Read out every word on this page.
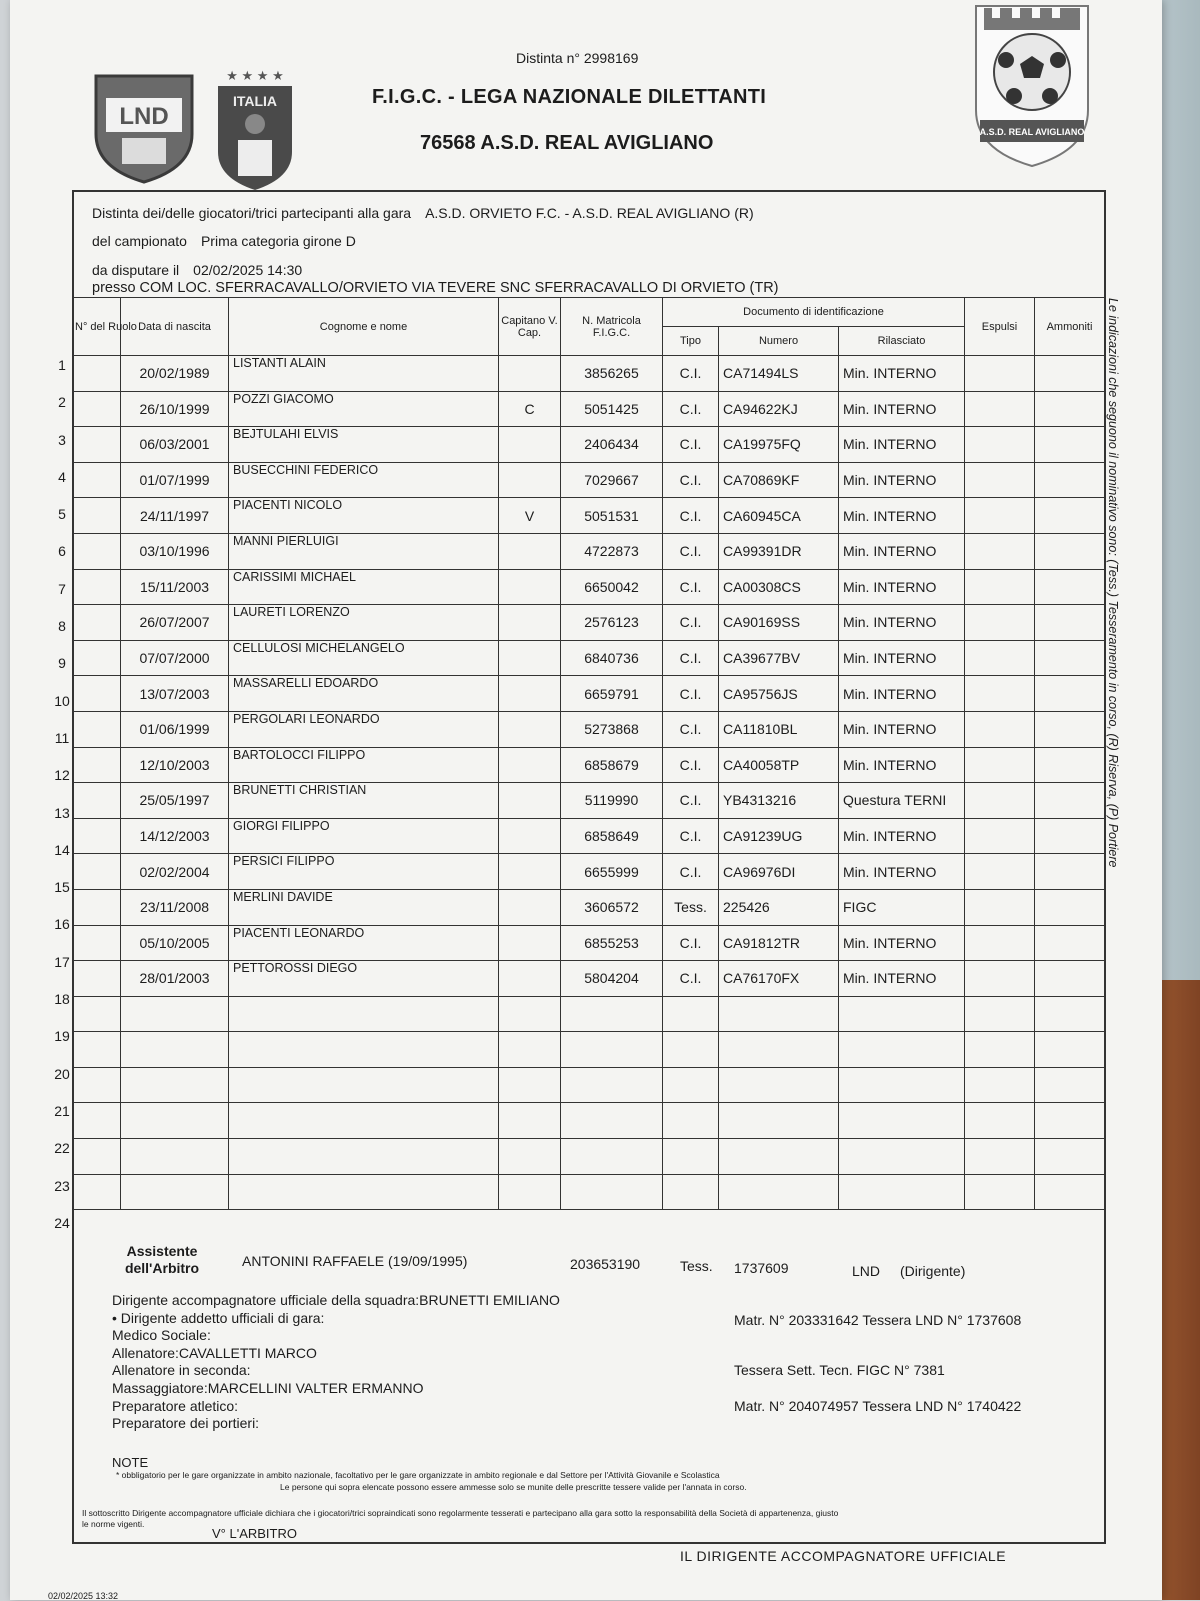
LND
★ ★ ★ ★
ITALIA
A.S.D. REAL AVIGLIANO
Distinta n° 2998169
F.I.G.C. - LEGA NAZIONALE DILETTANTI
76568 A.S.D. REAL AVIGLIANO
Distinta dei/delle giocatori/trici partecipanti alla gara A.S.D. ORVIETO F.C. - A.S.D. REAL AVIGLIANO (R)
del campionato Prima categoria girone D
da disputare il 02/02/2025 14:30
presso COM LOC. SFERRACAVALLO/ORVIETO VIA TEVERE SNC SFERRACAVALLO DI ORVIETO (TR)
1
2
3
4
5
6
7
8
9
10
11
12
13
14
15
16
17
18
19
20
21
22
23
24
N° del Ruolo	Data di nascita	Cognome e nome	Capitano V. Cap.	N. Matricola F.I.G.C.	Documento di identificazione			Espulsi	Ammoniti
					Tipo	Numero	Rilasciato		
	20/02/1989	LISTANTI ALAIN		3856265	C.I.	CA71494LS	Min. INTERNO		
	26/10/1999	POZZI GIACOMO	C	5051425	C.I.	CA94622KJ	Min. INTERNO		
	06/03/2001	BEJTULAHI ELVIS		2406434	C.I.	CA19975FQ	Min. INTERNO		
	01/07/1999	BUSECCHINI FEDERICO		7029667	C.I.	CA70869KF	Min. INTERNO		
	24/11/1997	PIACENTI NICOLO	V	5051531	C.I.	CA60945CA	Min. INTERNO		
	03/10/1996	MANNI PIERLUIGI		4722873	C.I.	CA99391DR	Min. INTERNO		
	15/11/2003	CARISSIMI MICHAEL		6650042	C.I.	CA00308CS	Min. INTERNO		
	26/07/2007	LAURETI LORENZO		2576123	C.I.	CA90169SS	Min. INTERNO		
	07/07/2000	CELLULOSI MICHELANGELO		6840736	C.I.	CA39677BV	Min. INTERNO		
	13/07/2003	MASSARELLI EDOARDO		6659791	C.I.	CA95756JS	Min. INTERNO		
	01/06/1999	PERGOLARI LEONARDO		5273868	C.I.	CA11810BL	Min. INTERNO		
	12/10/2003	BARTOLOCCI FILIPPO		6858679	C.I.	CA40058TP	Min. INTERNO		
	25/05/1997	BRUNETTI CHRISTIAN		5119990	C.I.	YB4313216	Questura TERNI		
	14/12/2003	GIORGI FILIPPO		6858649	C.I.	CA91239UG	Min. INTERNO		
	02/02/2004	PERSICI FILIPPO		6655999	C.I.	CA96976DI	Min. INTERNO		
	23/11/2008	MERLINI DAVIDE		3606572	Tess.	225426	FIGC		
	05/10/2005	PIACENTI LEONARDO		6855253	C.I.	CA91812TR	Min. INTERNO		
	28/01/2003	PETTOROSSI DIEGO		5804204	C.I.	CA76170FX	Min. INTERNO		

Assistente dell'Arbitro	ANTONINI RAFFAELE (19/09/1995)	203653190	Tess. 1737609	LND (Dirigente)
Dirigente accompagnatore ufficiale della squadra:BRUNETTI EMILIANO
• Dirigente addetto ufficiali di gara:
Medico Sociale:
Allenatore:CAVALLETTI MARCO
Allenatore in seconda:
Massaggiatore:MARCELLINI VALTER ERMANNO
Preparatore atletico:
Preparatore dei portieri:
Matr. N° 203331642 Tessera LND N° 1737608
Tessera Sett. Tecn. FIGC N° 7381
Matr. N° 204074957 Tessera LND N° 1740422
NOTE
* obbligatorio per le gare organizzate in ambito nazionale, facoltativo per le gare organizzate in ambito regionale e dal Settore per l'Attività Giovanile e Scolastica
Le persone qui sopra elencate possono essere ammesse solo se munite delle prescritte tessere valide per l'annata in corso.
Il sottoscritto Dirigente accompagnatore ufficiale dichiara che i giocatori/trici sopraindicati sono regolarmente tesserati e partecipano alla gara sotto la responsabilità della Società di appartenenza, giusto
le norme vigenti.
V° L'ARBITRO
IL DIRIGENTE ACCOMPAGNATORE UFFICIALE
02/02/2025 13:32
Le indicazioni che seguono il nominativo sono: (Tess.) Tesseramento in corso, (R) Riserva, (P) Portiere
